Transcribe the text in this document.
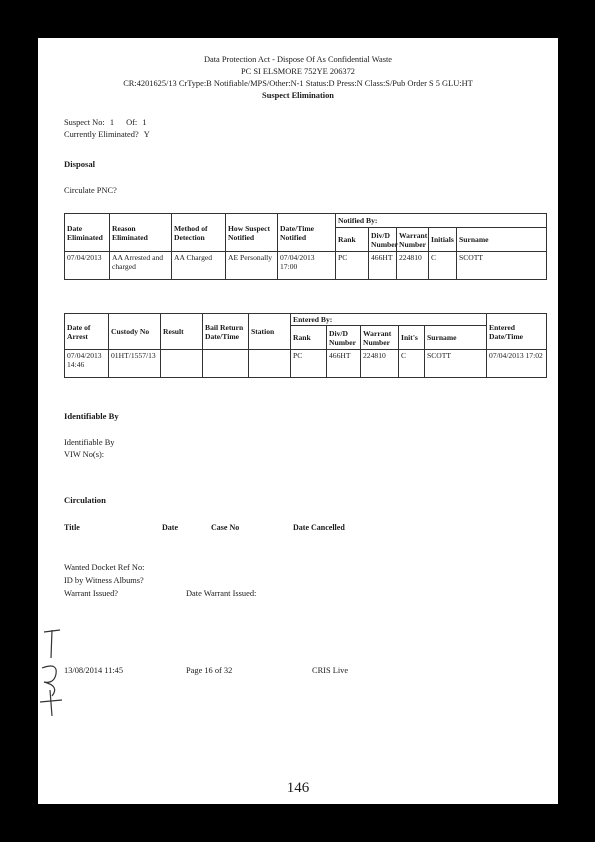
Data Protection Act - Dispose Of As Confidential Waste
PC SI ELSMORE 752YE 206372
CR:4201625/13 CrType:B Notifiable/MPS/Other:N-1 Status:D Press:N Class:S/Pub Order S 5 GLU:HT
Suspect Elimination
Suspect No: 1 Of: 1
Currently Eliminated? Y
Disposal
Circulate PNC?
Date Eliminated	Reason Eliminated	Method of Detection	How Suspect Notified	Date/Time Notified	Notified By:				
					Rank	Div/D Number	Warrant Number	Initials	Surname
07/04/2013	AA Arrested and charged	AA Charged	AE Personally	07/04/2013 17:00	PC	466HT	224810	C	SCOTT
Date of Arrest	Custody No	Result	Bail Return Date/Time	Station	Entered By:					Entered Date/Time
					Rank	Div/D Number	Warrant Number	Init's	Surname	
07/04/2013 14:46	01HT/1557/13				PC	466HT	224810	C	SCOTT	07/04/2013 17:02
Identifiable By
Identifiable By
VIW No(s):
Circulation
Title	Date	Case No	Date Cancelled
Wanted Docket Ref No:
ID by Witness Albums?
Warrant Issued?	Date Warrant Issued:
13/08/2014 11:45	Page 16 of 32	CRIS Live
146
